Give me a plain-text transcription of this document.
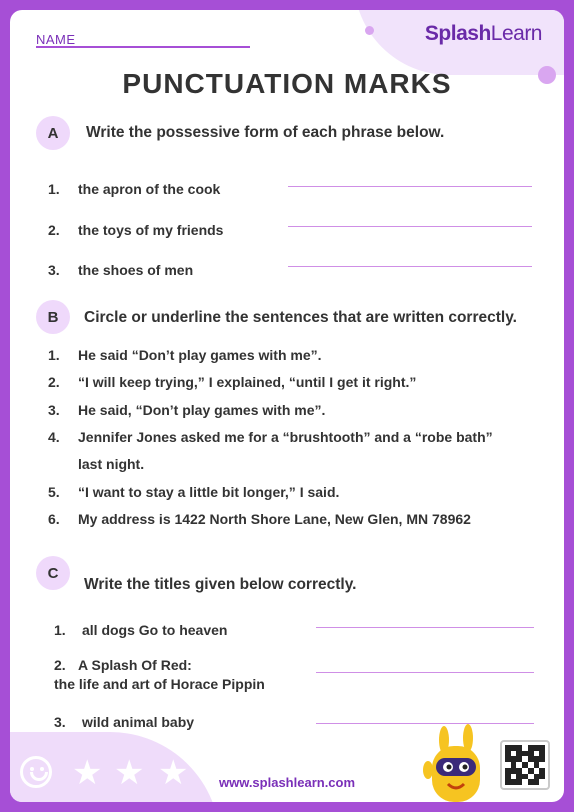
★ ★ ★
NAME	SplashLearn
PUNCTUATION MARKS
A	Write the possessive form of each phrase below.
1. the apron of the cook
2. the toys of my friends
3. the shoes of men
B	Circle or underline the sentences that are written correctly.
1. He said “Don’t play games with me”.
2. “I will keep trying,” I explained, “until I get it right.”
3. He said, “Don’t play games with me”.
4. Jennifer Jones asked me for a “brushtooth” and a “robe bath”
last night.
5. “I want to stay a little bit longer,” I said.
6. My address is 1422 North Shore Lane, New Glen, MN 78962
C
Write the titles given below correctly.
1. all dogs Go to heaven
2. A Splash Of Red:
the life and art of Horace Pippin
3. wild animal baby
www.splashlearn.com
